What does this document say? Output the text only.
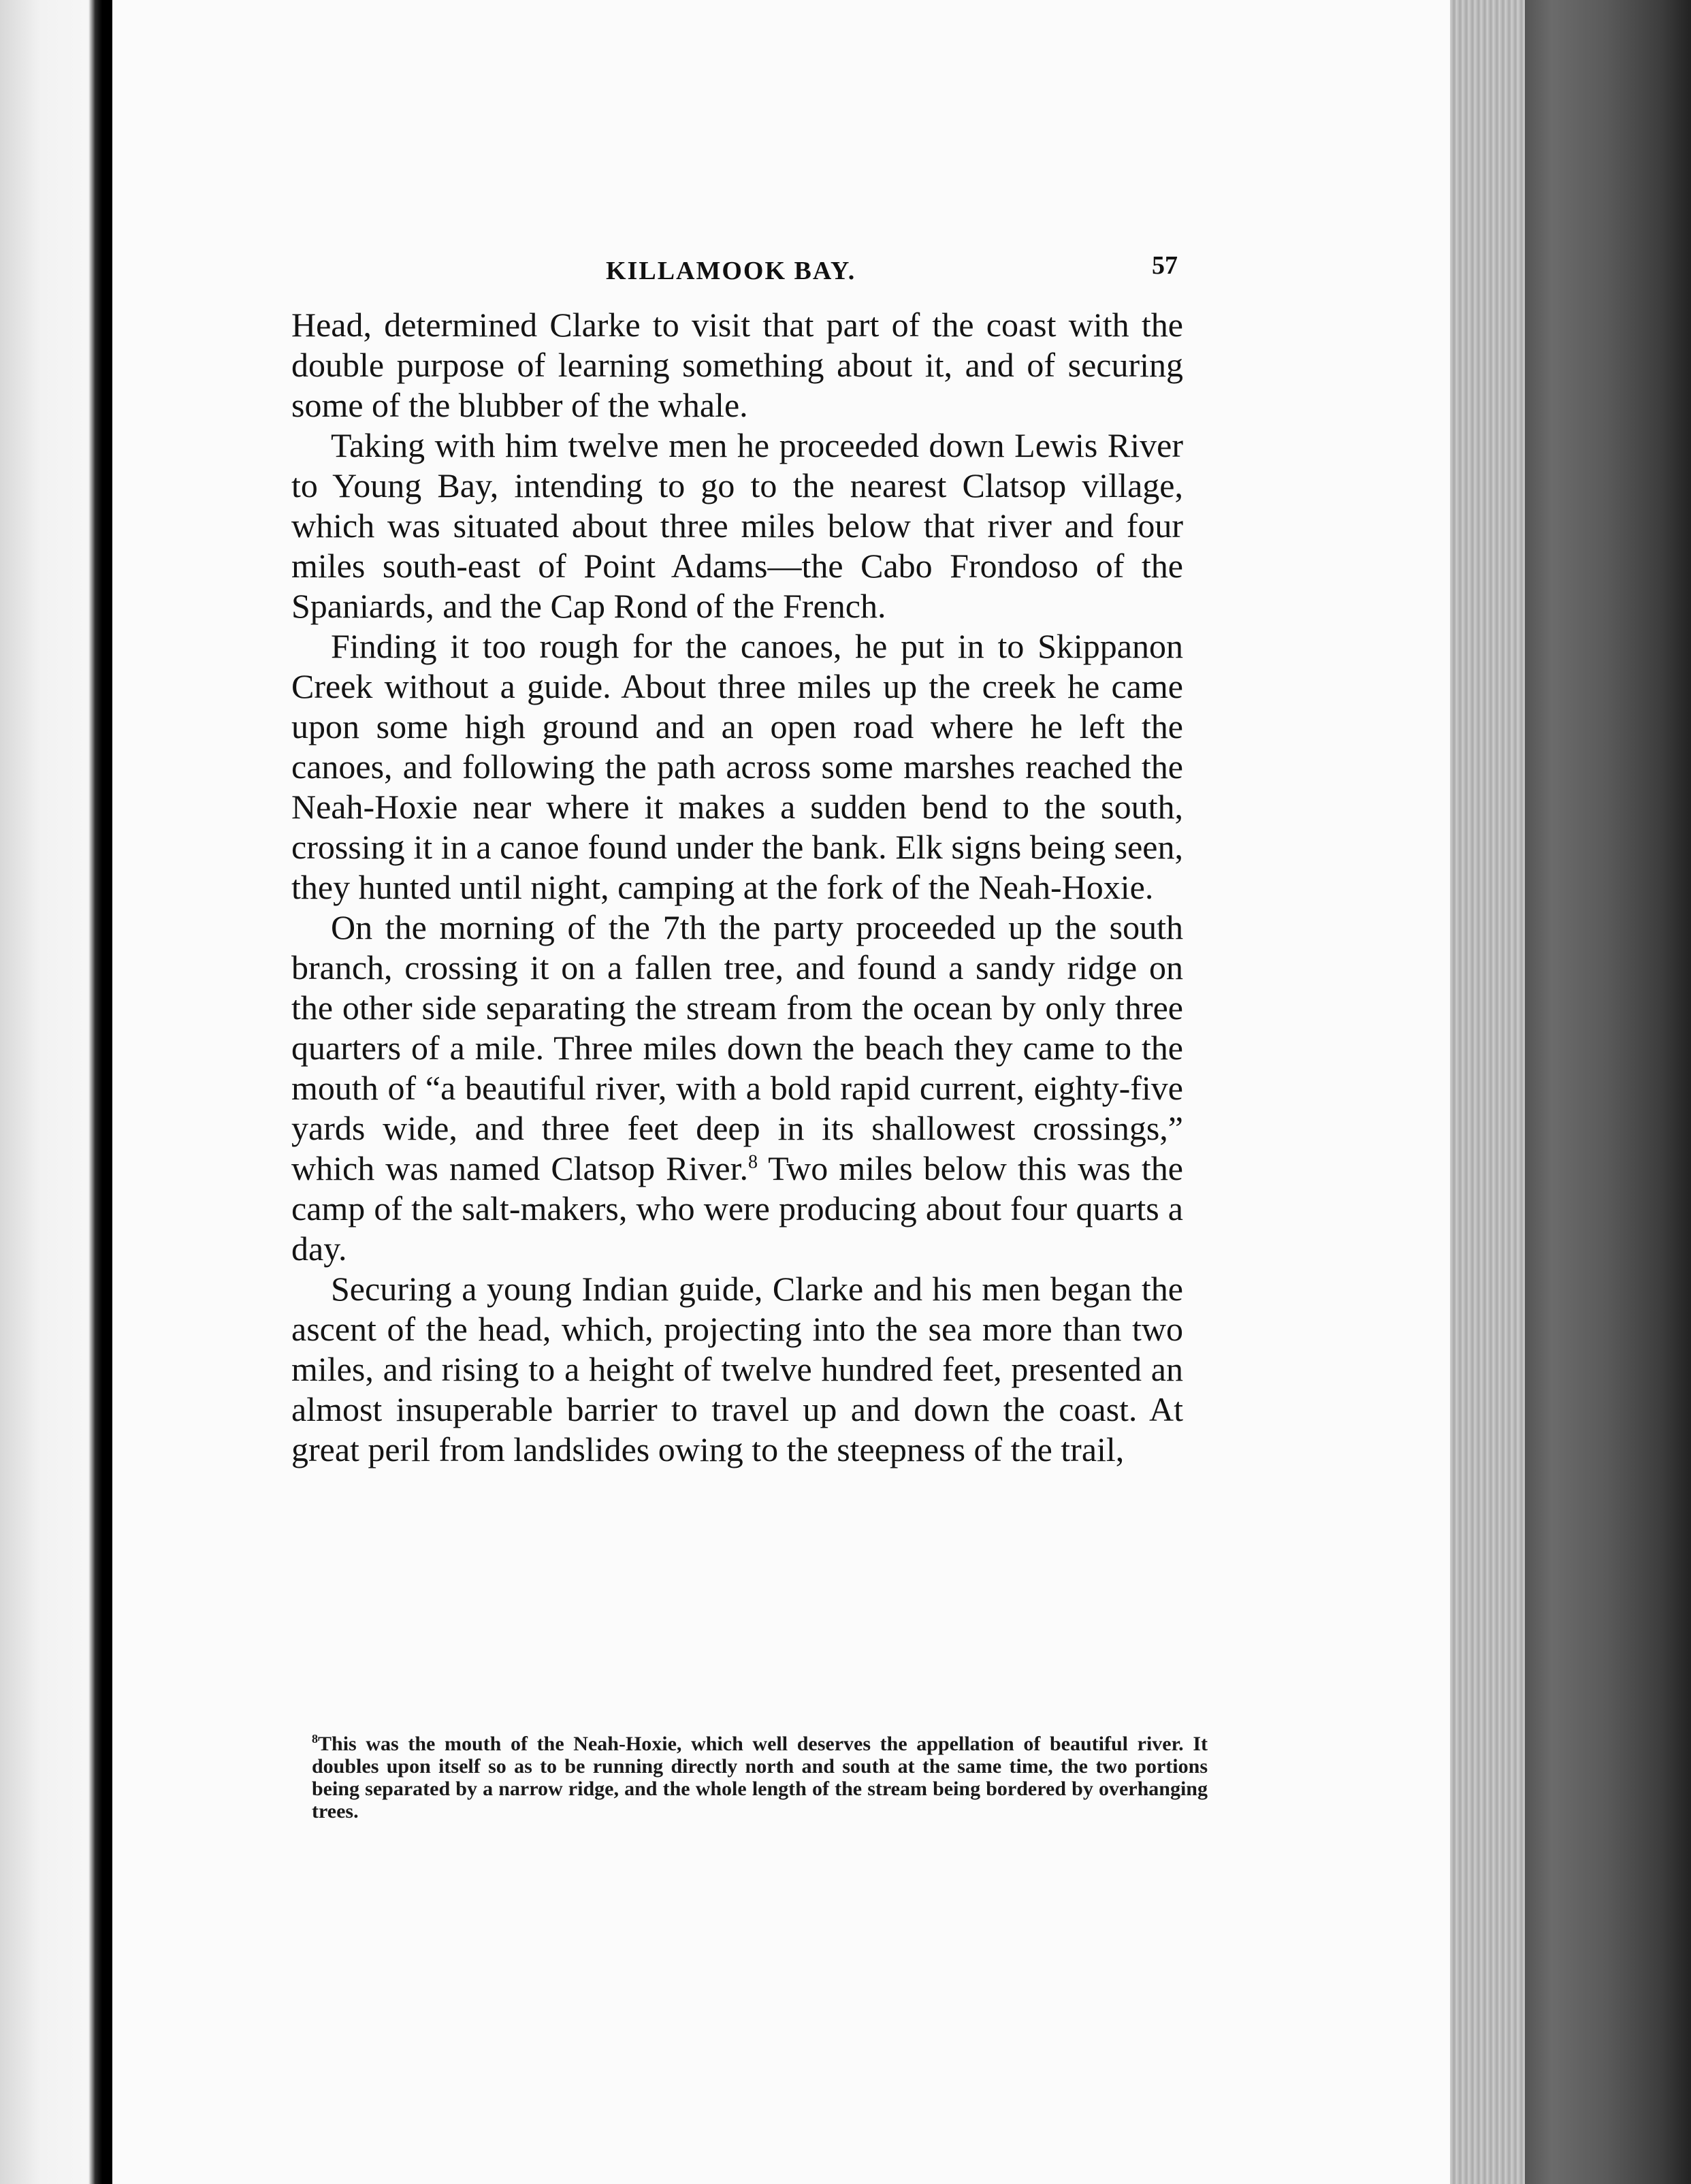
KILLAMOOK BAY.	57

Head, determined Clarke to visit that part of the coast with the double purpose of learning something about it, and of securing some of the blubber of the whale.

Taking with him twelve men he proceeded down Lewis River to Young Bay, intending to go to the nearest Clatsop village, which was situated about three miles below that river and four miles south-east of Point Adams—the Cabo Frondoso of the Spaniards, and the Cap Rond of the French.

Finding it too rough for the canoes, he put in to Skippanon Creek without a guide. About three miles up the creek he came upon some high ground and an open road where he left the canoes, and following the path across some marshes reached the Neah-Hoxie near where it makes a sudden bend to the south, crossing it in a canoe found under the bank. Elk signs being seen, they hunted until night, camping at the fork of the Neah-Hoxie.

On the morning of the 7th the party proceeded up the south branch, crossing it on a fallen tree, and found a sandy ridge on the other side separating the stream from the ocean by only three quarters of a mile. Three miles down the beach they came to the mouth of “a beautiful river, with a bold rapid current, eighty-five yards wide, and three feet deep in its shallowest crossings,” which was named Clatsop River.$^8$ Two miles below this was the camp of the salt-makers, who were producing about four quarts a day.

Securing a young Indian guide, Clarke and his men began the ascent of the head, which, projecting into the sea more than two miles, and rising to a height of twelve hundred feet, presented an almost insuperable barrier to travel up and down the coast. At great peril from landslides owing to the steepness of the trail,

$^8$This was the mouth of the Neah-Hoxie, which well deserves the appellation of beautiful river. It doubles upon itself so as to be running directly north and south at the same time, the two portions being separated by a narrow ridge, and the whole length of the stream being bordered by overhanging trees.
